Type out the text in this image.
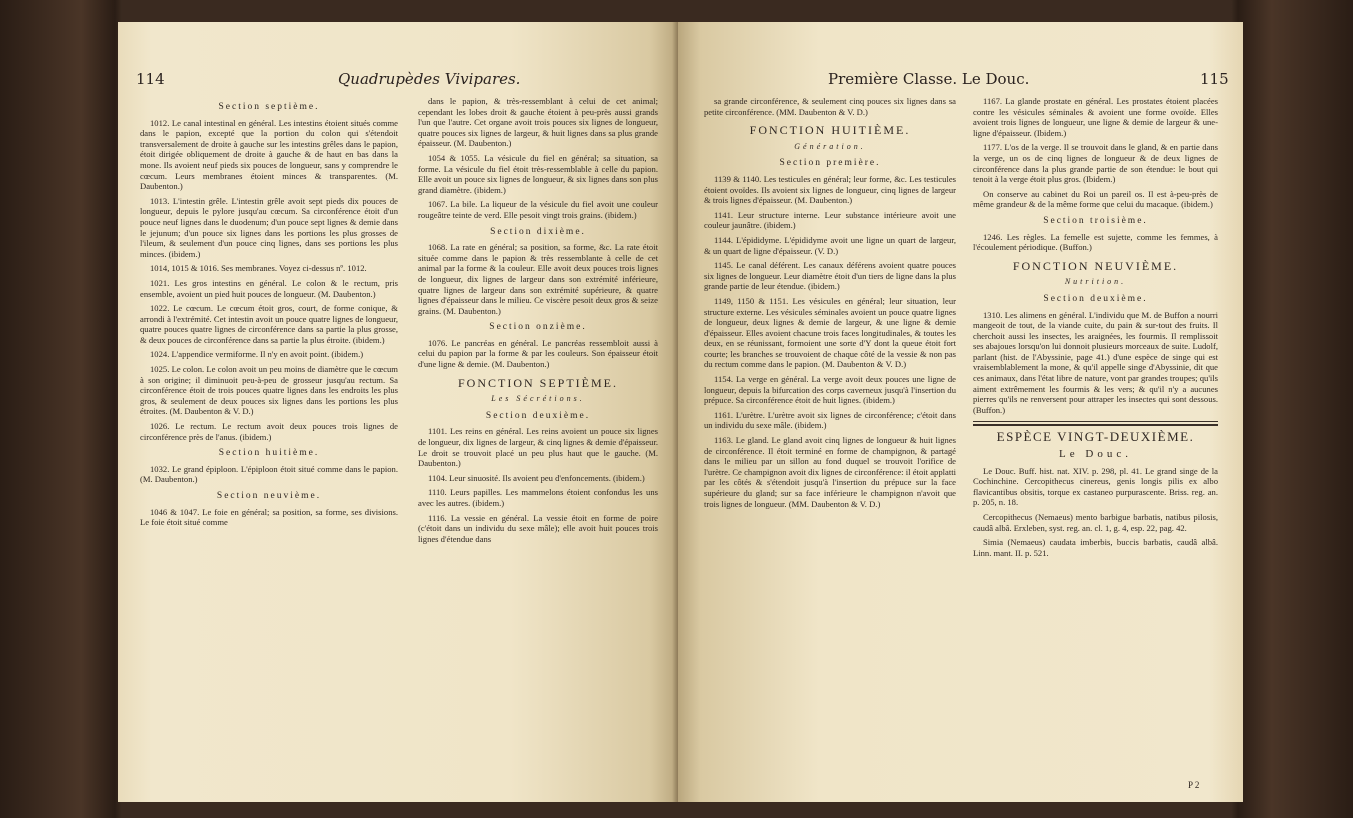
114	Quadrupèdes Vivipares.
Section septième.

1012. Le canal intestinal en général. Les intestins étoient situés comme dans le papion, excepté que la portion du colon qui s'étendoit transversalement de droite à gauche sur les intestins grêles dans le papion, étoit dirigée obliquement de droite à gauche & de haut en bas dans la mone. Ils avoient neuf pieds six pouces de longueur, sans y comprendre le cœcum. Leurs membranes étoient minces & transparentes. (M. Daubenton.)

1013. L'intestin grêle. L'intestin grêle avoit sept pieds dix pouces de longueur, depuis le pylore jusqu'au cœcum. Sa circonférence étoit d'un pouce neuf lignes dans le duodenum; d'un pouce sept lignes & demie dans le jejunum; d'un pouce six lignes dans les portions les plus grosses de l'ileum, & seulement d'un pouce cinq lignes, dans ses portions les plus minces. (ibidem.)

1014, 1015 & 1016. Ses membranes. Voyez ci-dessus nº. 1012.

1021. Les gros intestins en général. Le colon & le rectum, pris ensemble, avoient un pied huit pouces de longueur. (M. Daubenton.)

1022. Le cœcum. Le cœcum étoit gros, court, de forme conique, & arrondi à l'extrémité. Cet intestin avoit un pouce quatre lignes de longueur, quatre pouces quatre lignes de circonférence dans sa partie la plus grosse, & deux pouces de circonférence dans sa partie la plus étroite. (ibidem.)

1024. L'appendice vermiforme. Il n'y en avoit point. (ibidem.)

1025. Le colon. Le colon avoit un peu moins de diamètre que le cœcum à son origine; il diminuoit peu-à-peu de grosseur jusqu'au rectum. Sa circonférence étoit de trois pouces quatre lignes dans les endroits les plus gros, & seulement de deux pouces six lignes dans les portions les plus étroites. (M. Daubenton & V. D.)

1026. Le rectum. Le rectum avoit deux pouces trois lignes de circonférence près de l'anus. (ibidem.)

Section huitième.

1032. Le grand épiploon. L'épiploon étoit situé comme dans le papion. (M. Daubenton.)

Section neuvième.

1046 & 1047. Le foie en général; sa position, sa forme, ses divisions. Le foie étoit situé comme

dans le papion, & très-ressemblant à celui de cet animal; cependant les lobes droit & gauche étoient à peu-près aussi grands l'un que l'autre. Cet organe avoit trois pouces six lignes de longueur, quatre pouces six lignes de largeur, & huit lignes dans sa plus grande épaisseur. (M. Daubenton.)

1054 & 1055. La vésicule du fiel en général; sa situation, sa forme. La vésicule du fiel étoit très-ressemblable à celle du papion. Elle avoit un pouce six lignes de longueur, & six lignes dans son plus grand diamètre. (ibidem.)

1067. La bile. La liqueur de la vésicule du fiel avoit une couleur rougeâtre teinte de verd. Elle pesoit vingt trois grains. (ibidem.)

Section dixième.

1068. La rate en général; sa position, sa forme, &c. La rate étoit située comme dans le papion & très ressemblante à celle de cet animal par la forme & la couleur. Elle avoit deux pouces trois lignes de longueur, dix lignes de largeur dans son extrémité inférieure, quatre lignes de largeur dans son extrémité supérieure, & quatre lignes d'épaisseur dans le milieu. Ce viscère pesoit deux gros & seize grains. (M. Daubenton.)

Section onzième.

1076. Le pancréas en général. Le pancréas ressembloit aussi à celui du papion par la forme & par les couleurs. Son épaisseur étoit d'une ligne & demie. (M. Daubenton.)

FONCTION SEPTIÈME.
Les Sécrétions.
Section deuxième.

1101. Les reins en général. Les reins avoient un pouce six lignes de longueur, dix lignes de largeur, & cinq lignes & demie d'épaisseur. Le droit se trouvoit placé un peu plus haut que le gauche. (M. Daubenton.)

1104. Leur sinuosité. Ils avoient peu d'enfoncements. (ibidem.)

1110. Leurs papilles. Les mammelons étoient confondus les uns avec les autres. (ibidem.)

1116. La vessie en général. La vessie étoit en forme de poire (c'étoit dans un individu du sexe mâle); elle avoit huit pouces trois lignes d'étendue dans

Première Classe. Le Douc.	115

sa grande circonférence, & seulement cinq pouces six lignes dans sa petite circonférence. (MM. Daubenton & V. D.)

FONCTION HUITIÈME.
Génération.
Section première.

1139 & 1140. Les testicules en général; leur forme, &c. Les testicules étoient ovoïdes. Ils avoient six lignes de longueur, cinq lignes de largeur & trois lignes d'épaisseur. (M. Daubenton.)

1141. Leur structure interne. Leur substance intérieure avoit une couleur jaunâtre. (ibidem.)

1144. L'épididyme. L'épididyme avoit une ligne un quart de largeur, & un quart de ligne d'épaisseur. (V. D.)

1145. Le canal déférent. Les canaux déférens avoient quatre pouces six lignes de longueur. Leur diamètre étoit d'un tiers de ligne dans la plus grande partie de leur étendue. (ibidem.)

1149, 1150 & 1151. Les vésicules en général; leur situation, leur structure externe. Les vésicules séminales avoient un pouce quatre lignes de longueur, deux lignes & demie de largeur, & une ligne & demie d'épaisseur. Elles avoient chacune trois faces longitudinales, & toutes les deux, en se réunissant, formoient une sorte d'Y dont la queue étoit fort courte; les branches se trouvoient de chaque côté de la vessie & non pas du rectum comme dans le papion. (M. Daubenton & V. D.)

1154. La verge en général. La verge avoit deux pouces une ligne de longueur, depuis la bifurcation des corps caverneux jusqu'à l'insertion du prépuce. Sa circonférence étoit de huit lignes. (ibidem.)

1161. L'urètre. L'urètre avoit six lignes de circonférence; c'étoit dans un individu du sexe mâle. (ibidem.)

1163. Le gland. Le gland avoit cinq lignes de longueur & huit lignes de circonférence. Il étoit terminé en forme de champignon, & partagé dans le milieu par un sillon au fond duquel se trouvoit l'orifice de l'urètre. Ce champignon avoit dix lignes de circonférence: il étoit applatti par les côtés & s'étendoit jusqu'à l'insertion du prépuce sur la face supérieure du gland; sur sa face inférieure le champignon n'avoit que trois lignes de longueur. (MM. Daubenton & V. D.)

1167. La glande prostate en général. Les prostates étoient placées contre les vésicules séminales & avoient une forme ovoïde. Elles avoient trois lignes de longueur, une ligne & demie de largeur & une-ligne d'épaisseur. (Ibidem.)

1177. L'os de la verge. Il se trouvoit dans le gland, & en partie dans la verge, un os de cinq lignes de longueur & de deux lignes de circonférence dans la plus grande partie de son étendue: le bout qui tenoit à la verge étoit plus gros. (Ibidem.)

On conserve au cabinet du Roi un pareil os. Il est à-peu-près de même grandeur & de la même forme que celui du macaque. (ibidem.)

Section troisième.

1246. Les règles. La femelle est sujette, comme les femmes, à l'écoulement périodique. (Buffon.)

FONCTION NEUVIÈME.
Nutrition.
Section deuxième.

1310. Les alimens en général. L'individu que M. de Buffon a nourri mangeoit de tout, de la viande cuite, du pain & sur-tout des fruits. Il cherchoit aussi les insectes, les araignées, les fourmis. Il remplissoit ses abajoues lorsqu'on lui donnoit plusieurs morceaux de suite. Ludolf, parlant (hist. de l'Abyssinie, page 41.) d'une espèce de singe qui est vraisemblablement la mone, & qu'il appelle singe d'Abyssinie, dit que ces animaux, dans l'état libre de nature, vont par grandes troupes; qu'ils aiment extrêmement les fourmis & les vers; & qu'il n'y a aucunes pierres qu'ils ne renversent pour attraper les insectes qui sont dessous. (Buffon.)

ESPÈCE VINGT-DEUXIÈME.
Le Douc.

Le Douc. Buff. hist. nat. XIV. p. 298, pl. 41. Le grand singe de la Cochinchine. Cercopithecus cinereus, genis longis pilis ex albo flavicantibus obsitis, torque ex castaneo purpurascente. Briss. reg. an. p. 205, n. 18.

Cercopithecus (Nemaeus) mento barbigue barbatis, natibus pilosis, caudâ albâ. Erxleben, syst. reg. an. cl. 1, g. 4, esp. 22, pag. 42.

Simia (Nemaeus) caudata imberbis, buccis barbatis, caudâ albâ. Linn. mant. II. p. 521.

P 2
